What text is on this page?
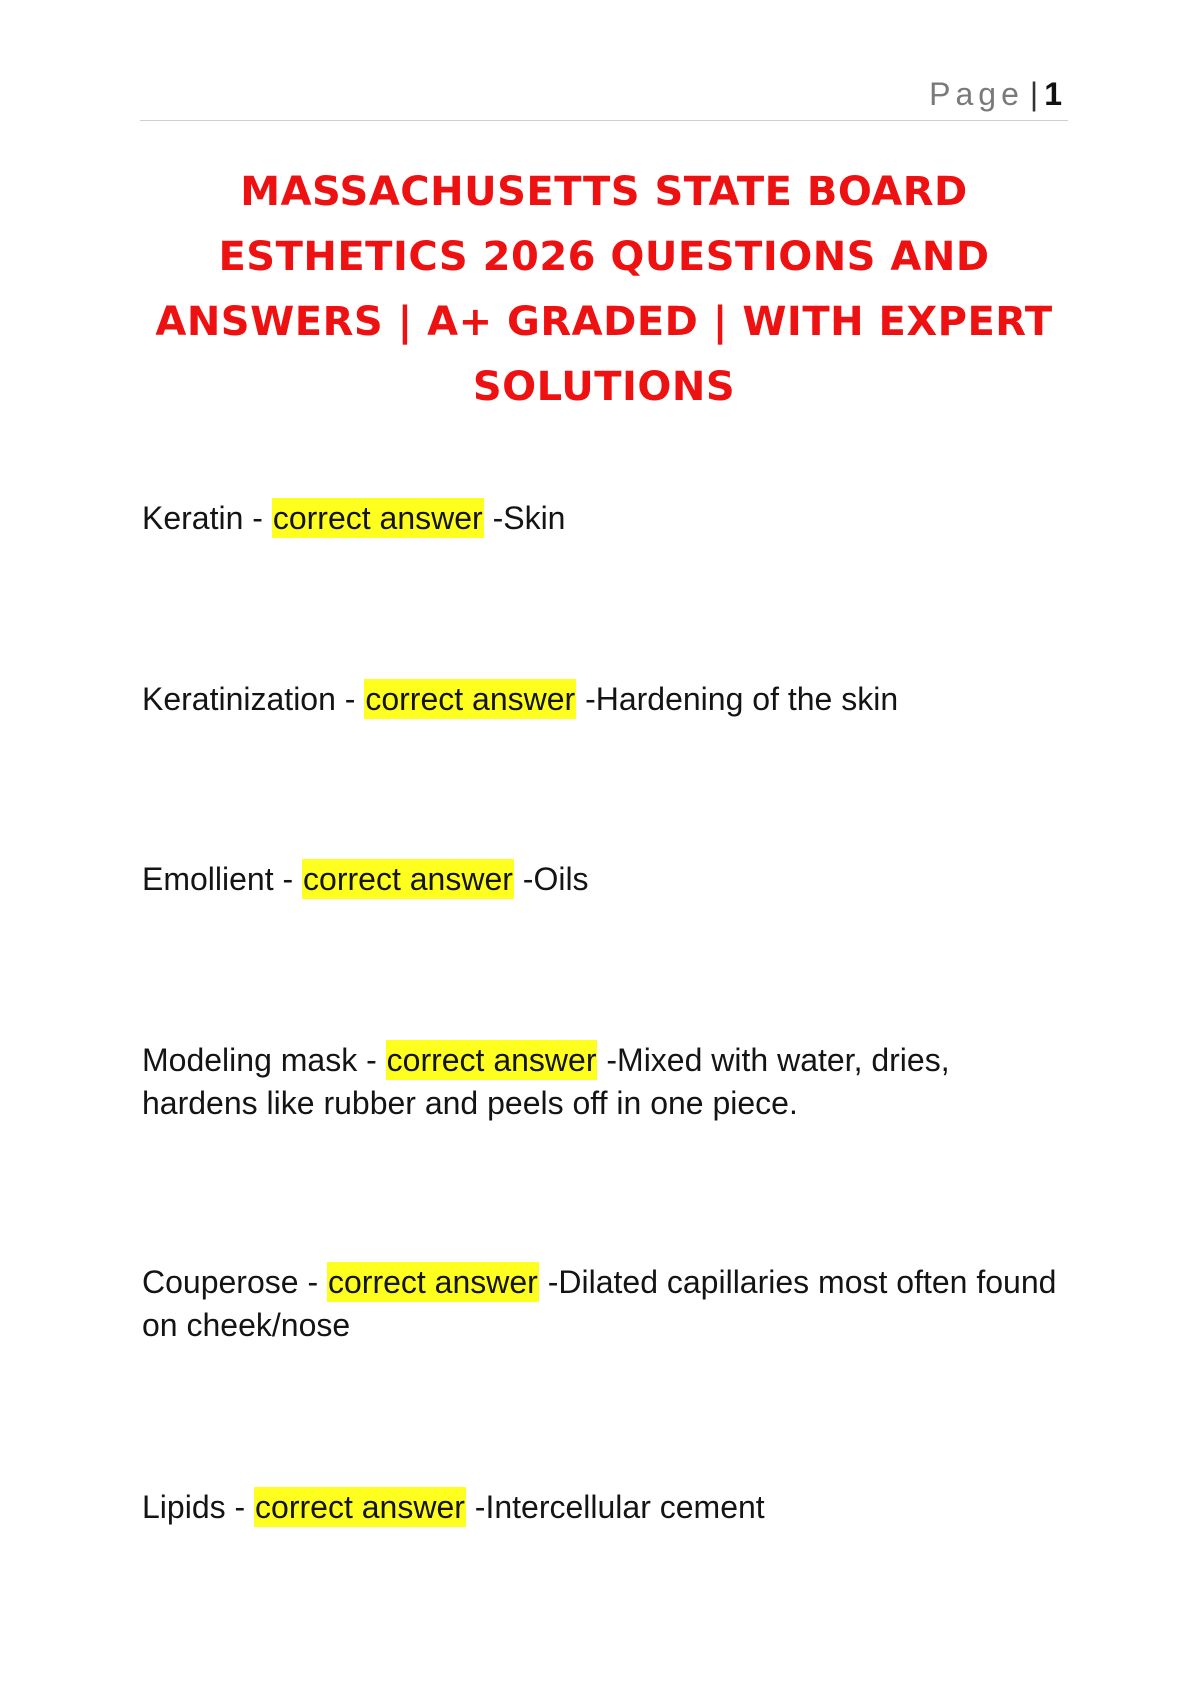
Page | 1
MASSACHUSETTS STATE BOARD ESTHETICS 2026 QUESTIONS AND ANSWERS | A+ GRADED | WITH EXPERT SOLUTIONS

Keratin - correct answer -Skin

Keratinization - correct answer -Hardening of the skin

Emollient - correct answer -Oils

Modeling mask - correct answer -Mixed with water, dries, hardens like rubber and peels off in one piece.

Couperose - correct answer -Dilated capillaries most often found on cheek/nose

Lipids - correct answer -Intercellular cement
